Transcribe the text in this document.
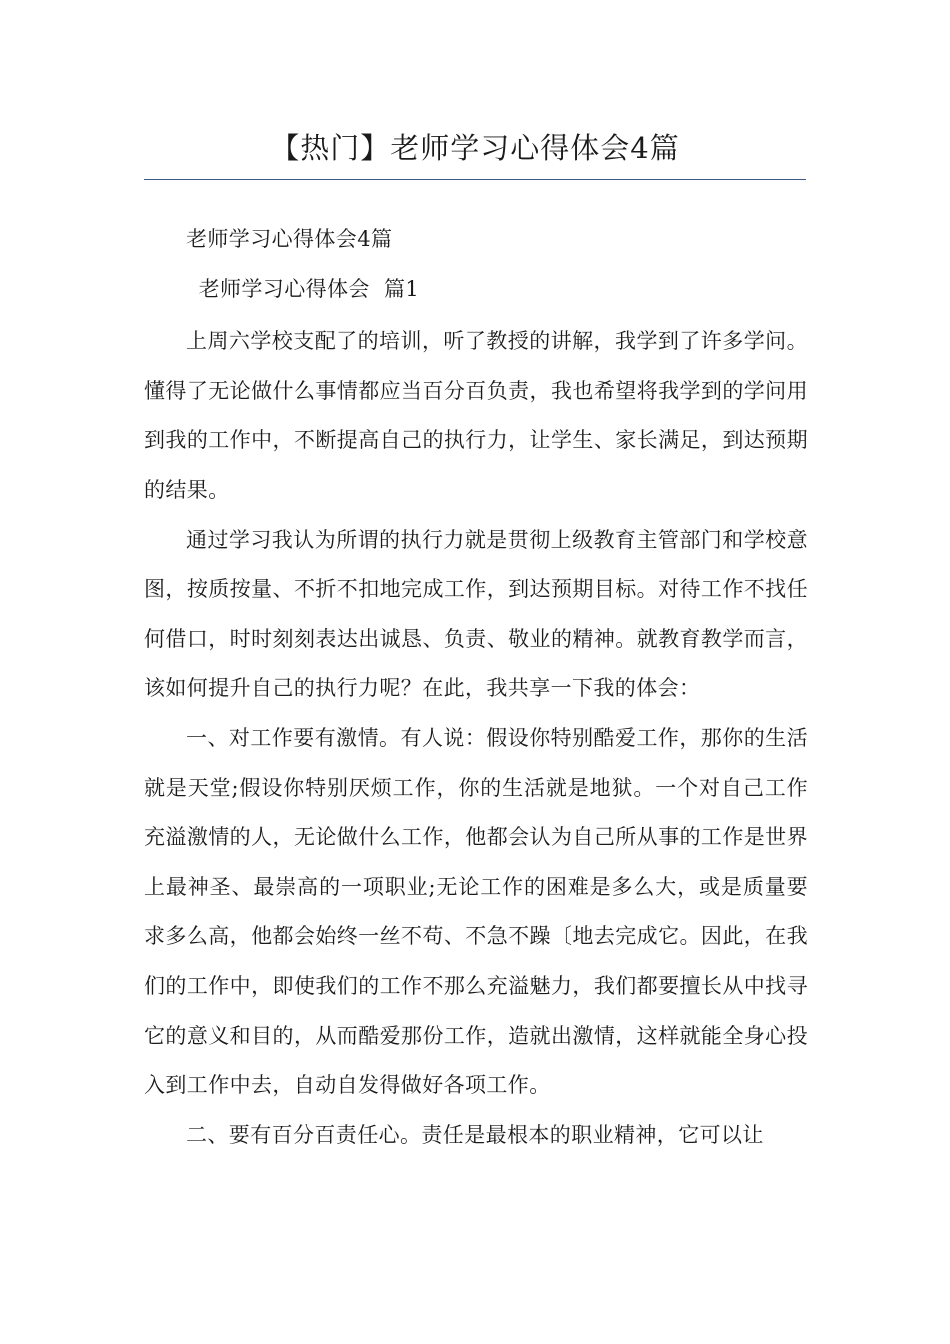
【热门】老师学习心得体会4篇

老师学习心得体会4篇

老师学习心得体会  篇1

上周六学校支配了的培训，听了教授的讲解，我学到了许多学问。懂得了无论做什么事情都应当百分百负责，我也希望将我学到的学问用到我的工作中，不断提高自己的执行力，让学生、家长满足，到达预期的结果。

通过学习我认为所谓的执行力就是贯彻上级教育主管部门和学校意图，按质按量、不折不扣地完成工作，到达预期目标。对待工作不找任何借口，时时刻刻表达出诚恳、负责、敬业的精神。就教育教学而言，该如何提升自己的执行力呢？在此，我共享一下我的体会：

一、对工作要有激情。有人说：假设你特别酷爱工作，那你的生活就是天堂;假设你特别厌烦工作，你的生活就是地狱。一个对自己工作充溢激情的人，无论做什么工作，他都会认为自己所从事的工作是世界上最神圣、最崇高的一项职业;无论工作的困难是多么大，或是质量要求多么高，他都会始终一丝不苟、不急不躁〔地去完成它。因此，在我们的工作中，即使我们的工作不那么充溢魅力，我们都要擅长从中找寻它的意义和目的，从而酷爱那份工作，造就出激情，这样就能全身心投入到工作中去，自动自发得做好各项工作。

二、要有百分百责任心。责任是最根本的职业精神，它可以让
